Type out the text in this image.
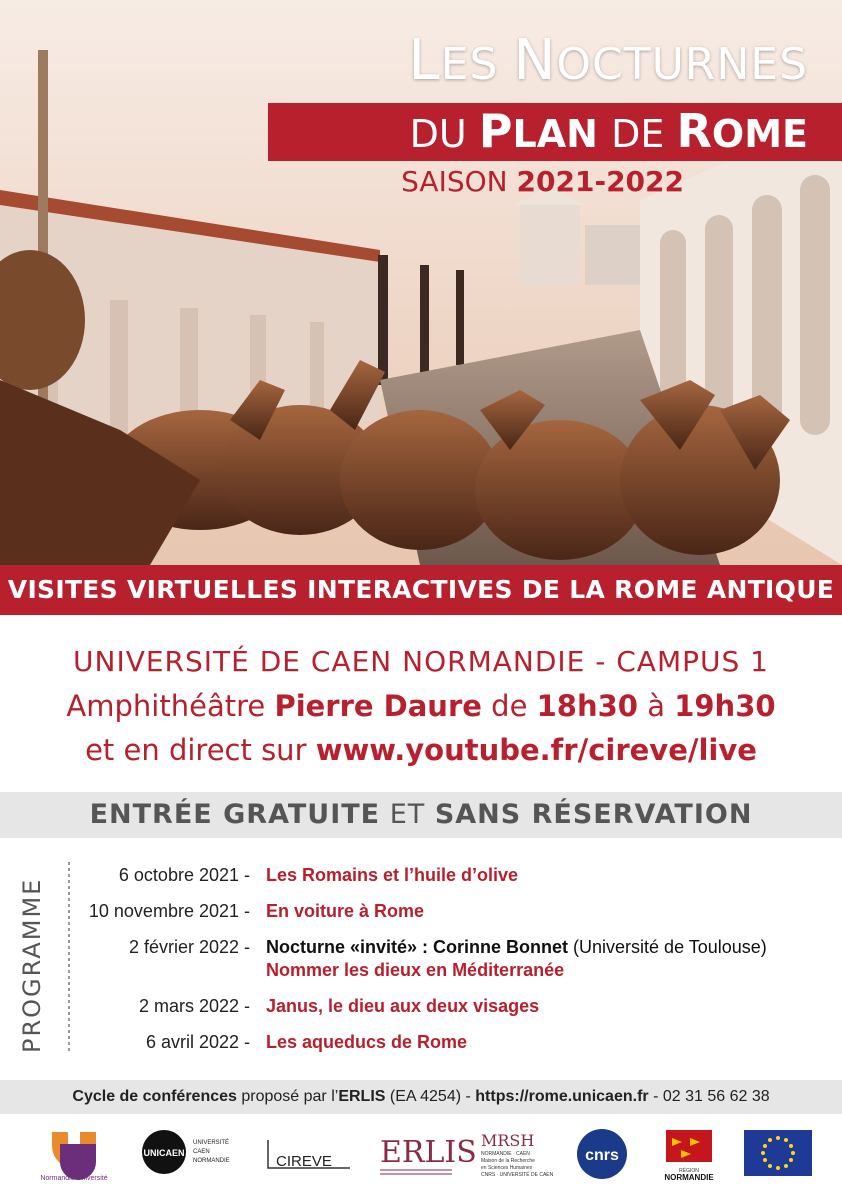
LES NOCTURNES
DU PLAN DE ROME

SAISON 2021-2022

VISITES VIRTUELLES INTERACTIVES DE LA ROME ANTIQUE
UNIVERSITÉ DE CAEN NORMANDIE - CAMPUS 1
Amphithéâtre Pierre Daure de 18h30 à 19h30
et en direct sur www.youtube.fr/cireve/live
ENTRÉE GRATUITE ET SANS RÉSERVATION
PROGRAMME
6 octobre 2021 - Les Romains et l’huile d’olive
10 novembre 2021 - En voiture à Rome
2 février 2022 - Nocturne «invité» : Corinne Bonnet (Université de Toulouse)
Nommer les dieux en Méditerranée
2 mars 2022 - Janus, le dieu aux deux visages
6 avril 2022 - Les aqueducs de Rome
Cycle de conférences proposé par l’ERLIS (EA 4254) - https://rome.unicaen.fr - 02 31 56 62 38
Normandie Université
UNICAEN
UNIVERSITÉ
CAEN
NORMANDIE	CIREVE ERLIS MRSH
NORMANDIE · CAEN
Maison de la Recherche
en Sciences Humaines
CNRS · UNIVERSITÉ DE CAEN
cnrs
RÉGION
NORMANDIE
